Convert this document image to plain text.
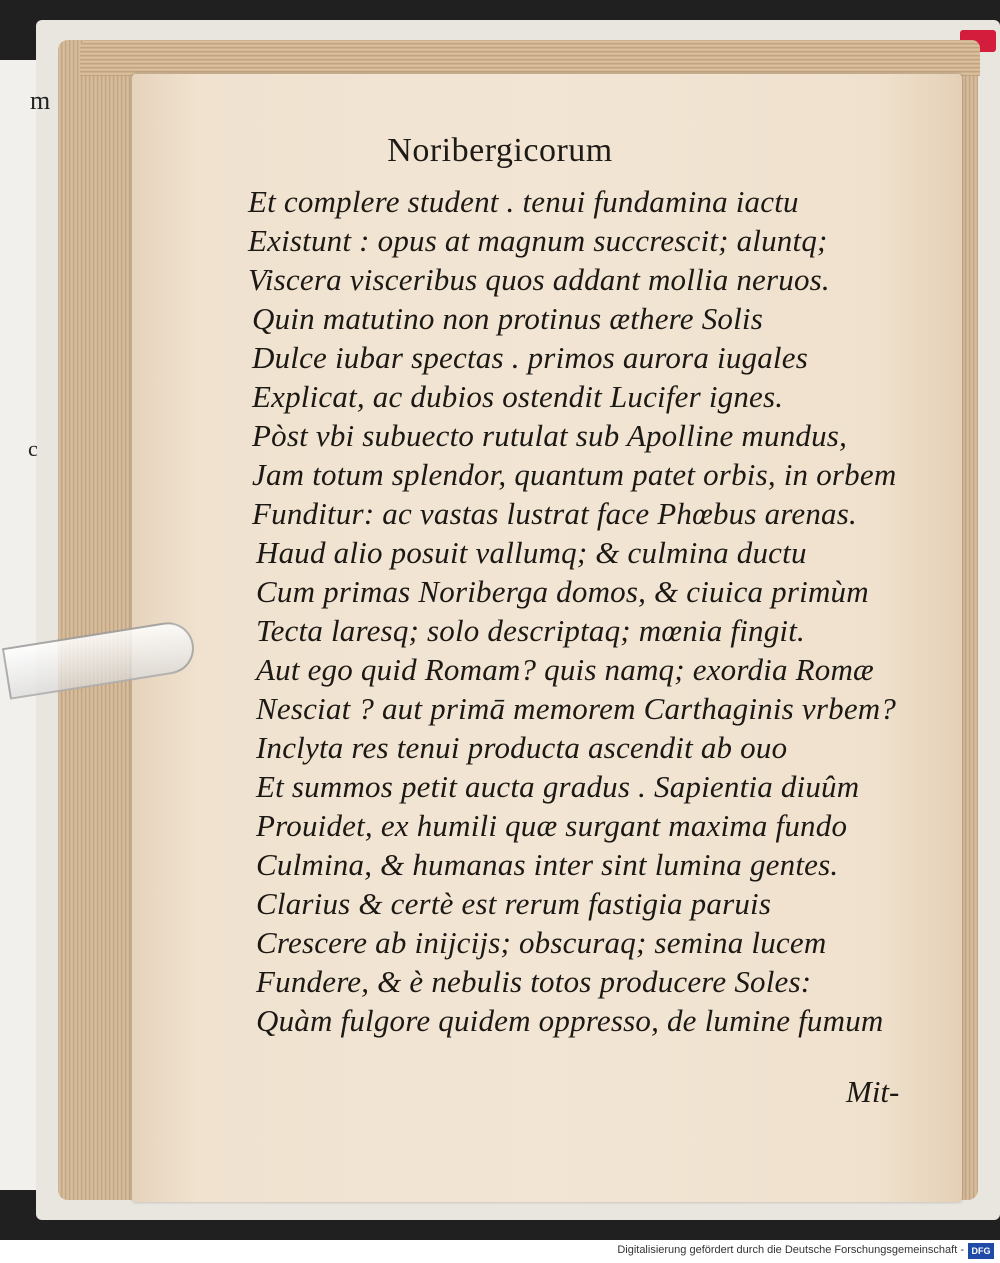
m
c
Noribergicorum
Et complere student . tenui fundamina iactu
Existunt : opus at magnum succrescit; aluntq;
Viscera visceribus quos addant mollia neruos.
Quin matutino non protinus æthere Solis
Dulce iubar spectas . primos aurora iugales
Explicat, ac dubios ostendit Lucifer ignes.
Pòst vbi subuecto rutulat sub Apolline mundus,
Jam totum splendor, quantum patet orbis, in orbem
Funditur: ac vastas lustrat face Phœbus arenas.
Haud alio posuit vallumq; & culmina ductu
Cum primas Noriberga domos, & ciuica primùm
Tecta laresq; solo descriptaq; mœnia fingit.
Aut ego quid Romam? quis namq; exordia Romæ
Nesciat ? aut primā memorem Carthaginis vrbem?
Inclyta res tenui producta ascendit ab ouo
Et summos petit aucta gradus . Sapientia diuûm
Prouidet, ex humili quæ surgant maxima fundo
Culmina, & humanas inter sint lumina gentes.
Clarius & certè est rerum fastigia paruis
Crescere ab inijcijs; obscuraq; semina lucem
Fundere, & è nebulis totos producere Soles:
Quàm fulgore quidem oppresso, de lumine fumum
Mit-
Digitalisierung gefördert durch die Deutsche Forschungsgemeinschaft - DFG
